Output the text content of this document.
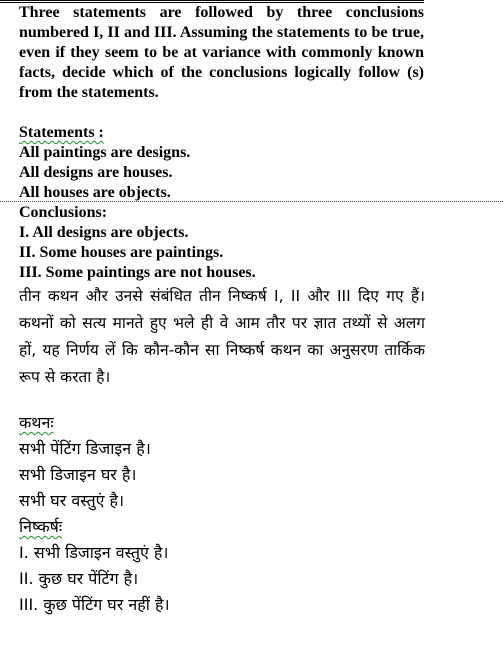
Three statements are followed by three conclusions numbered I, II and III. Assuming the statements to be true, even if they seem to be at variance with commonly known facts, decide which of the conclusions logically follow (s) from the statements.
Statements :
All paintings are designs.
All designs are houses.
All houses are objects.
Conclusions:
I. All designs are objects.
II. Some houses are paintings.
III. Some paintings are not houses.
तीन कथन और उनसे संबंधित तीन निष्कर्ष I, II और III दिए गए हैं। कथनों को सत्य मानते हुए भले ही वे आम तौर पर ज्ञात तथ्यों से अलग हों, यह निर्णय लें कि कौन-कौन सा निष्कर्ष कथन का अनुसरण तार्किक रूप से करता है।
कथनः
सभी पेंटिंग डिजाइन है।
सभी डिजाइन घर है।
सभी घर वस्तुएं है।
निष्कर्षः
I. सभी डिजाइन वस्तुएं है।
II. कुछ घर पेंटिंग है।
III. कुछ पेंटिंग घर नहीं है।
